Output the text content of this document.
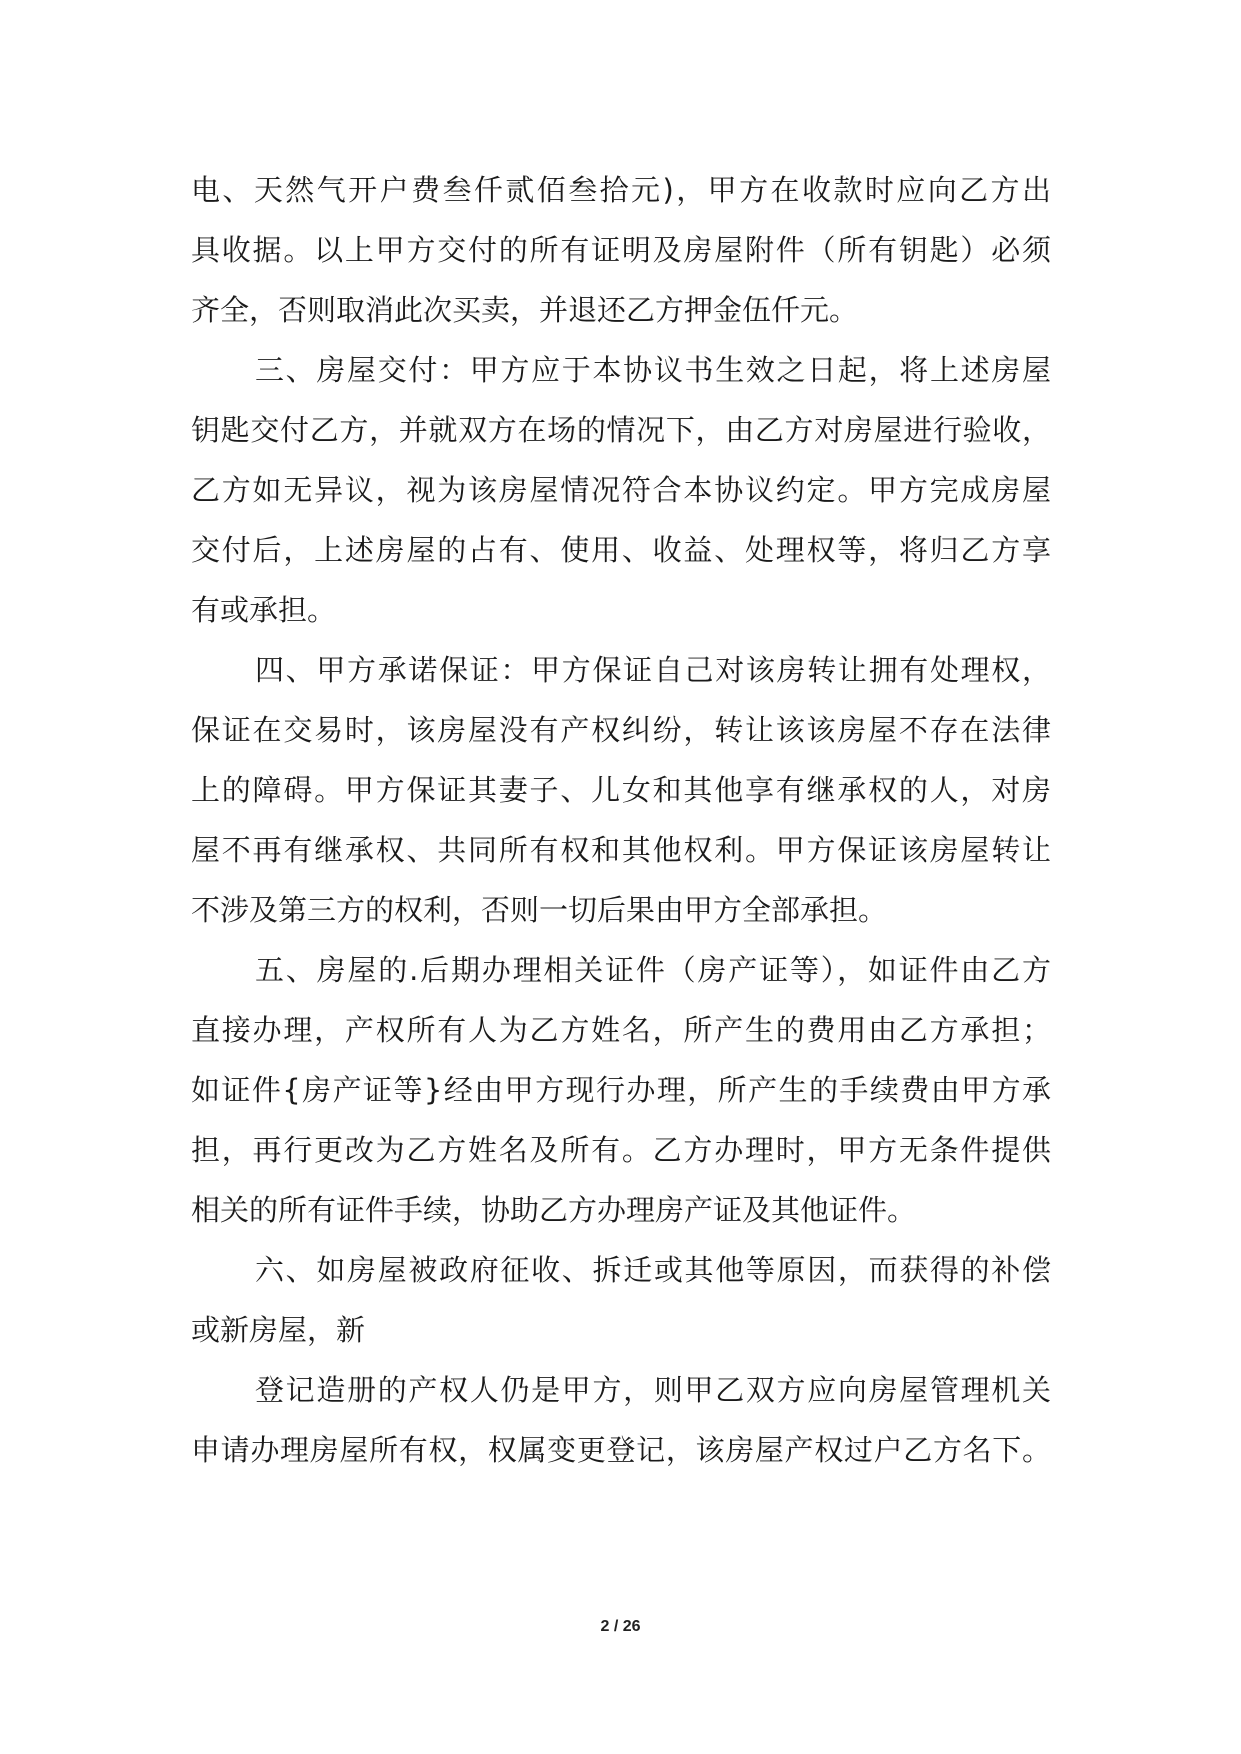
电、天然气开户费叁仟贰佰叁拾元)，甲方在收款时应向乙方出
具收据。以上甲方交付的所有证明及房屋附件（所有钥匙）必须
齐全，否则取消此次买卖，并退还乙方押金伍仟元。
三、房屋交付：甲方应于本协议书生效之日起，将上述房屋
钥匙交付乙方，并就双方在场的情况下，由乙方对房屋进行验收，
乙方如无异议，视为该房屋情况符合本协议约定。甲方完成房屋
交付后，上述房屋的占有、使用、收益、处理权等，将归乙方享
有或承担。
四、甲方承诺保证：甲方保证自己对该房转让拥有处理权，
保证在交易时，该房屋没有产权纠纷，转让该该房屋不存在法律
上的障碍。甲方保证其妻子、儿女和其他享有继承权的人，对房
屋不再有继承权、共同所有权和其他权利。甲方保证该房屋转让
不涉及第三方的权利，否则一切后果由甲方全部承担。
五、房屋的.后期办理相关证件（房产证等），如证件由乙方
直接办理，产权所有人为乙方姓名，所产生的费用由乙方承担；
如证件{房产证等}经由甲方现行办理，所产生的手续费由甲方承
担，再行更改为乙方姓名及所有。乙方办理时，甲方无条件提供
相关的所有证件手续，协助乙方办理房产证及其他证件。
六、如房屋被政府征收、拆迁或其他等原因，而获得的补偿
或新房屋，新
登记造册的产权人仍是甲方，则甲乙双方应向房屋管理机关
申请办理房屋所有权，权属变更登记，该房屋产权过户乙方名下。
2 / 26
